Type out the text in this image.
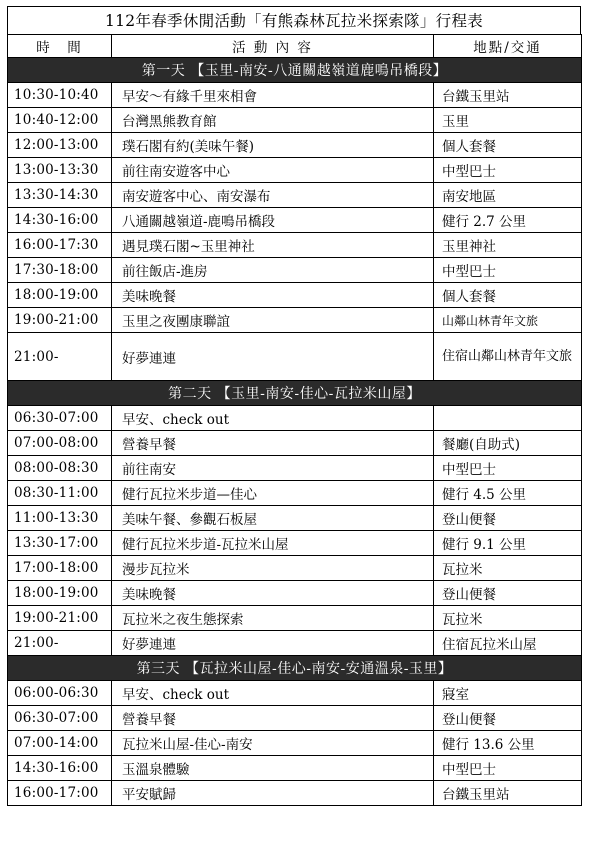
112年春季休閒活動「有熊森林瓦拉米探索隊」行程表
時　間	活 動 內 容	地點/交通
第一天 【玉里-南安-八通關越嶺道鹿鳴吊橋段】		
10:30-10:40	早安～有緣千里來相會	台鐵玉里站
10:40-12:00	台灣黑熊教育館	玉里
12:00-13:00	璞石閣有約(美味午餐)	個人套餐
13:00-13:30	前往南安遊客中心	中型巴士
13:30-14:30	南安遊客中心、南安瀑布	南安地區
14:30-16:00	八通關越嶺道-鹿鳴吊橋段	健行 2.7 公里
16:00-17:30	遇見璞石閣~玉里神社	玉里神社
17:30-18:00	前往飯店-進房	中型巴士
18:00-19:00	美味晚餐	個人套餐
19:00-21:00	玉里之夜團康聯誼	山鄰山林青年文旅
21:00-	好夢連連	住宿山鄰山林青年文旅
第二天 【玉里-南安-佳心-瓦拉米山屋】		
06:30-07:00	早安、check out	
07:00-08:00	營養早餐	餐廳(自助式)
08:00-08:30	前往南安	中型巴士
08:30-11:00	健行瓦拉米步道—佳心	健行 4.5 公里
11:00-13:30	美味午餐、參觀石板屋	登山便餐
13:30-17:00	健行瓦拉米步道-瓦拉米山屋	健行 9.1 公里
17:00-18:00	漫步瓦拉米	瓦拉米
18:00-19:00	美味晚餐	登山便餐
19:00-21:00	瓦拉米之夜生態探索	瓦拉米
21:00-	好夢連連	住宿瓦拉米山屋
第三天 【瓦拉米山屋-佳心-南安-安通溫泉-玉里】		
06:00-06:30	早安、check out	寢室
06:30-07:00	營養早餐	登山便餐
07:00-14:00	瓦拉米山屋-佳心-南安	健行 13.6 公里
14:30-16:00	玉溫泉體驗	中型巴士
16:00-17:00	平安賦歸	台鐵玉里站
